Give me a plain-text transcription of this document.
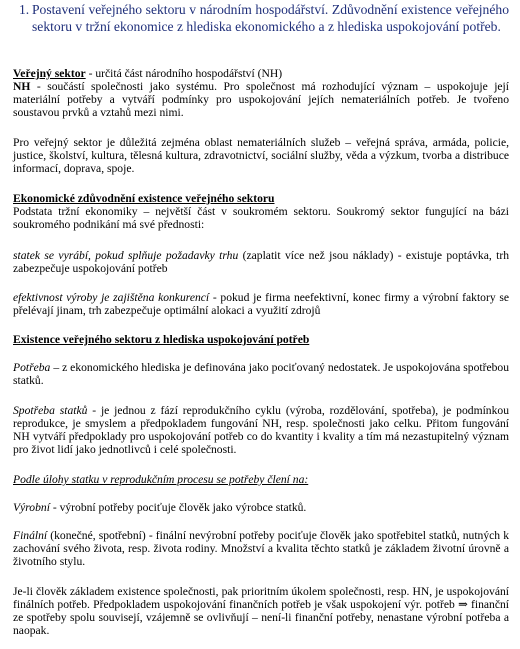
1. Postavení veřejného sektoru v národním hospodářství. Zdůvodnění existence veřejného sektoru v tržní ekonomice z hlediska ekonomického a z hlediska uspokojování potřeb.
Veřejný sektor - určitá část národního hospodářství (NH)
NH - součástí společnosti jako systému. Pro společnost má rozhodující význam – uspokojuje její materiální potřeby a vytváří podmínky pro uspokojování jejích nemateriálních potřeb. Je tvořeno soustavou prvků a vztahů mezi nimi.
Pro veřejný sektor je důležitá zejména oblast nemateriálních služeb – veřejná správa, armáda, policie, justice, školství, kultura, tělesná kultura, zdravotnictví, sociální služby, věda a výzkum, tvorba a distribuce informací, doprava, spoje.
Ekonomické zdůvodnění existence veřejného sektoru
Podstata tržní ekonomiky – největší část v soukromém sektoru. Soukromý sektor fungující na bázi soukromého podnikání má své přednosti:
statek se vyrábí, pokud splňuje požadavky trhu (zaplatit více než jsou náklady) - existuje poptávka, trh zabezpečuje uspokojování potřeb
efektivnost výroby je zajištěna konkurencí - pokud je firma neefektivní, konec firmy a výrobní faktory se přelévají jinam, trh zabezpečuje optimální alokaci a využití zdrojů
Existence veřejného sektoru z hlediska uspokojování potřeb
Potřeba – z ekonomického hlediska je definována jako pociťovaný nedostatek. Je uspokojována spotřebou statků.
Spotřeba statků - je jednou z fází reprodukčního cyklu (výroba, rozdělování, spotřeba), je podmínkou reprodukce, je smyslem a předpokladem fungování NH, resp. společnosti jako celku. Přitom fungování NH vytváří předpoklady pro uspokojování potřeb co do kvantity i kvality a tím má nezastupitelný význam pro život lidí jako jednotlivců i celé společnosti.
Podle úlohy statku v reprodukčním procesu se potřeby člení na:
Výrobní - výrobní potřeby pociťuje člověk jako výrobce statků.
Finální (konečné, spotřební) - finální nevýrobní potřeby pociťuje člověk jako spotřebitel statků, nutných k zachování svého života, resp. života rodiny. Množství a kvalita těchto statků je základem životní úrovně a životního stylu.
Je-li člověk základem existence společnosti, pak prioritním úkolem společnosti, resp. HN, je uspokojování finálních potřeb. Předpokladem uspokojování finančních potřeb je však uspokojení výr. potřeb ⇒ finanční ze spotřeby spolu souvisejí, vzájemně se ovlivňují – není-li finanční potřeby, nenastane výrobní potřeba a naopak.
